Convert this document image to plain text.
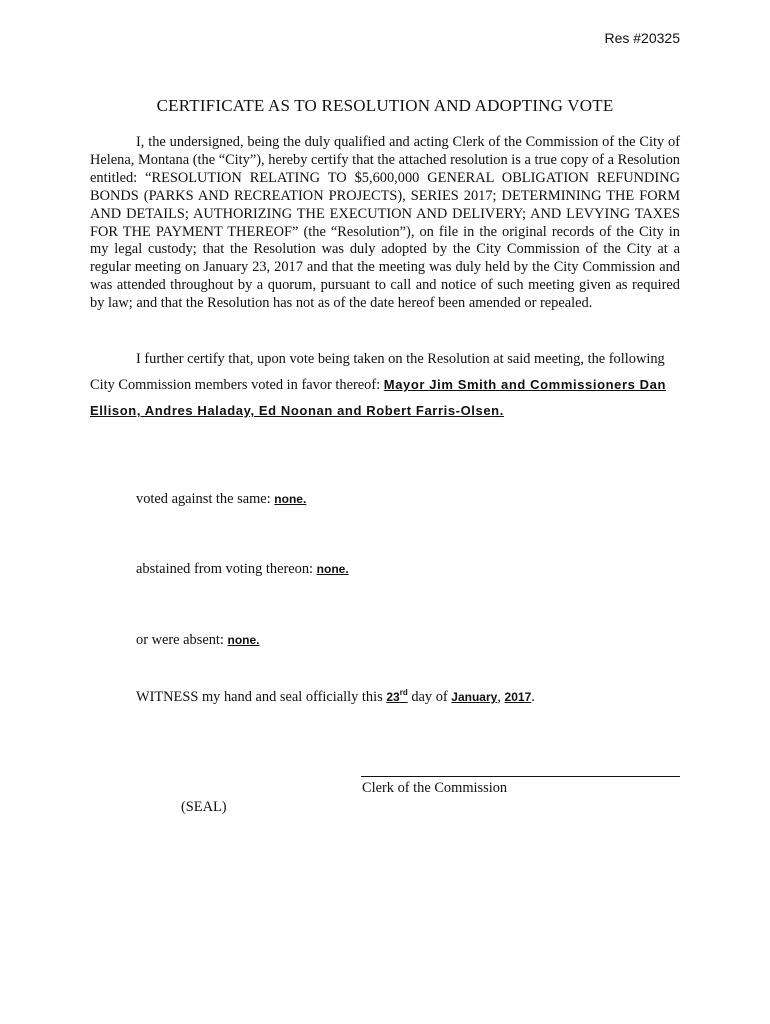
Res #20325
CERTIFICATE AS TO RESOLUTION AND ADOPTING VOTE
I, the undersigned, being the duly qualified and acting Clerk of the Commission of the City of Helena, Montana (the “City”), hereby certify that the attached resolution is a true copy of a Resolution entitled: “RESOLUTION RELATING TO $5,600,000 GENERAL OBLIGATION REFUNDING BONDS (PARKS AND RECREATION PROJECTS), SERIES 2017; DETERMINING THE FORM AND DETAILS; AUTHORIZING THE EXECUTION AND DELIVERY; AND LEVYING TAXES FOR THE PAYMENT THEREOF” (the “Resolution”), on file in the original records of the City in my legal custody; that the Resolution was duly adopted by the City Commission of the City at a regular meeting on January 23, 2017 and that the meeting was duly held by the City Commission and was attended throughout by a quorum, pursuant to call and notice of such meeting given as required by law; and that the Resolution has not as of the date hereof been amended or repealed.
I further certify that, upon vote being taken on the Resolution at said meeting, the following City Commission members voted in favor thereof: Mayor Jim Smith and Commissioners Dan Ellison, Andres Haladay, Ed Noonan and Robert Farris-Olsen.
voted against the same: none.
abstained from voting thereon: none.
or were absent: none.
WITNESS my hand and seal officially this 23rd day of January, 2017.
Clerk of the Commission
(SEAL)
